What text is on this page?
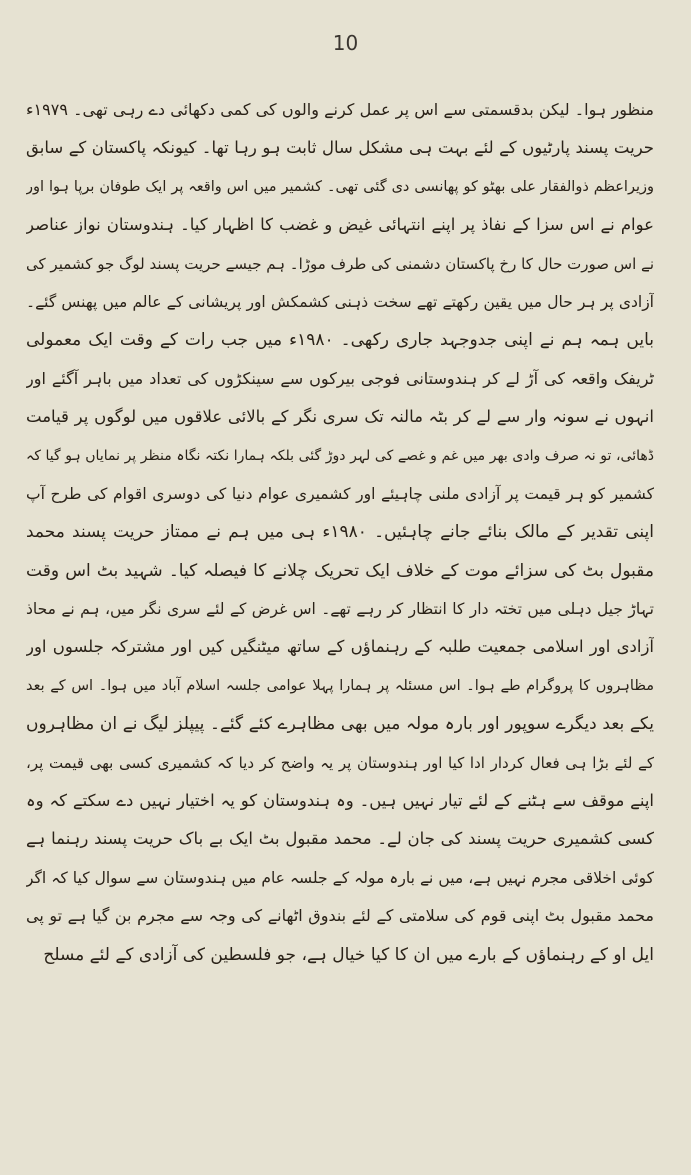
10
منظور ہوا۔ لیکن بدقسمتی سے اس پر عمل کرنے والوں کی کمی دکھائی دے رہی تھی۔ ۱۹۷۹ء
حریت پسند پارٹیوں کے لئے بہت ہی مشکل سال ثابت ہو رہا تھا۔ کیونکہ پاکستان کے سابق
وزیراعظم ذوالفقار علی بھٹو کو پھانسی دی گئی تھی۔ کشمیر میں اس واقعہ پر ایک طوفان برپا ہوا اور
عوام نے اس سزا کے نفاذ پر اپنے انتہائی غیض و غضب کا اظہار کیا۔ ہندوستان نواز عناصر
نے اس صورت حال کا رخ پاکستان دشمنی کی طرف موڑا۔ ہم جیسے حریت پسند لوگ جو کشمیر کی
آزادی پر ہر حال میں یقین رکھتے تھے سخت ذہنی کشمکش اور پریشانی کے عالم میں پھنس گئے۔
بایں ہمہ ہم نے اپنی جدوجہد جاری رکھی۔ ۱۹۸۰ء میں جب رات کے وقت ایک معمولی
ٹریفک واقعہ کی آڑ لے کر ہندوستانی فوجی بیرکوں سے سینکڑوں کی تعداد میں باہر آگئے اور
انہوں نے سونہ وار سے لے کر بٹہ مالنہ تک سری نگر کے بالائی علاقوں میں لوگوں پر قیامت
ڈھائی، تو نہ صرف وادی بھر میں غم و غصے کی لہر دوڑ گئی بلکہ ہمارا نکتہ نگاہ منظر پر نمایاں ہو گیا کہ
کشمیر کو ہر قیمت پر آزادی ملنی چاہیئے اور کشمیری عوام دنیا کی دوسری اقوام کی طرح آپ
اپنی تقدیر کے مالک بنائے جانے چاہئیں۔ ۱۹۸۰ء ہی میں ہم نے ممتاز حریت پسند محمد
مقبول بٹ کی سزائے موت کے خلاف ایک تحریک چلانے کا فیصلہ کیا۔ شہید بٹ اس وقت
تہاڑ جیل دہلی میں تختہ دار کا انتظار کر رہے تھے۔ اس غرض کے لئے سری نگر میں، ہم نے محاذ
آزادی اور اسلامی جمعیت طلبہ کے رہنماؤں کے ساتھ میٹنگیں کیں اور مشترکہ جلسوں اور
مظاہروں کا پروگرام طے ہوا۔ اس مسئلہ پر ہمارا پہلا عوامی جلسہ اسلام آباد میں ہوا۔ اس کے بعد
یکے بعد دیگرے سوپور اور بارہ مولہ میں بھی مظاہرے کئے گئے۔ پیپلز لیگ نے ان مظاہروں
کے لئے بڑا ہی فعال کردار ادا کیا اور ہندوستان پر یہ واضح کر دیا کہ کشمیری کسی بھی قیمت پر،
اپنے موقف سے ہٹنے کے لئے تیار نہیں ہیں۔ وہ ہندوستان کو یہ اختیار نہیں دے سکتے کہ وہ
کسی کشمیری حریت پسند کی جان لے۔ محمد مقبول بٹ ایک بے باک حریت پسند رہنما ہے
کوئی اخلاقی مجرم نہیں ہے، میں نے بارہ مولہ کے جلسہ عام میں ہندوستان سے سوال کیا کہ اگر
محمد مقبول بٹ اپنی قوم کی سلامتی کے لئے بندوق اٹھانے کی وجہ سے مجرم بن گیا ہے تو پی
ایل او کے رہنماؤں کے بارے میں ان کا کیا خیال ہے، جو فلسطین کی آزادی کے لئے مسلح
